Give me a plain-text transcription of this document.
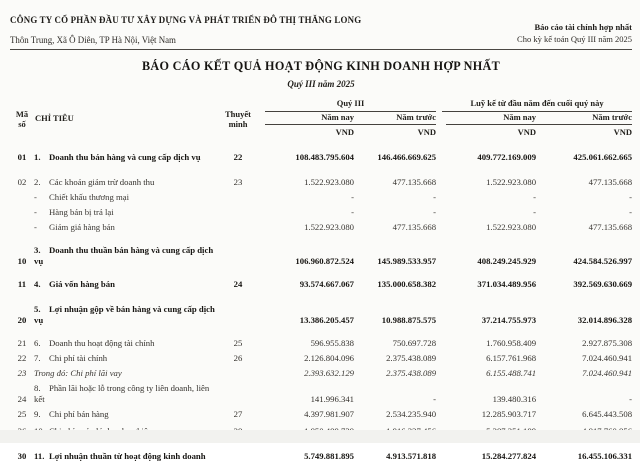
CÔNG TY CỔ PHẦN ĐẦU TƯ XÂY DỰNG VÀ PHÁT TRIỂN ĐÔ THỊ THĂNG LONG
Thôn Trung, Xã Ô Diên, TP Hà Nội, Việt Nam
Báo cáo tài chính hợp nhất
Cho kỳ kế toán Quý III năm 2025
BÁO CÁO KẾT QUẢ HOẠT ĐỘNG KINH DOANH HỢP NHẤT
Quý III năm 2025
Mã
số
	CHỈ TIÊU	Thuyết
minh

Quý III	Luỹ kế từ đầu năm đến cuối quý này

			Năm nay	Năm trước	Năm nay	Năm trước

			VND	VND	VND	VND
01	1. Doanh thu bán hàng và cung cấp dịch vụ	22	108.483.795.604	146.466.669.625	409.772.169.009	425.061.662.665
02	2. Các khoản giảm trừ doanh thu	23	1.522.923.080	477.135.668	1.522.923.080	477.135.668
	- Chiết khấu thương mại		-	-	-	-
	- Hàng bán bị trả lại		-	-	-	-
	- Giảm giá hàng bán		1.522.923.080	477.135.668	1.522.923.080	477.135.668
10	3. Doanh thu thuần bán hàng và cung cấp dịch vụ		106.960.872.524	145.989.533.957	408.249.245.929	424.584.526.997
11	4. Giá vốn hàng bán	24	93.574.667.067	135.000.658.382	371.034.489.956	392.569.630.669
20	5. Lợi nhuận gộp về bán hàng và cung cấp dịch vụ		13.386.205.457	10.988.875.575	37.214.755.973	32.014.896.328
21	6. Doanh thu hoạt động tài chính	25	596.955.838	750.697.728	1.760.958.409	2.927.875.308
22	7. Chi phí tài chính	26	2.126.804.096	2.375.438.089	6.157.761.968	7.024.460.941
23	Trong đó: Chi phí lãi vay		2.393.632.129	2.375.438.089	6.155.488.741	7.024.460.941
24	8. Phần lãi hoặc lỗ trong công ty liên doanh, liên kết		141.996.341	-	139.480.316	-
25	9. Chi phí bán hàng	27	4.397.981.907	2.534.235.940	12.285.903.717	6.645.443.508

30	11. Lợi nhuận thuần từ hoạt động kinh doanh		5.749.881.895	4.913.571.818	15.284.277.824	16.455.106.331
